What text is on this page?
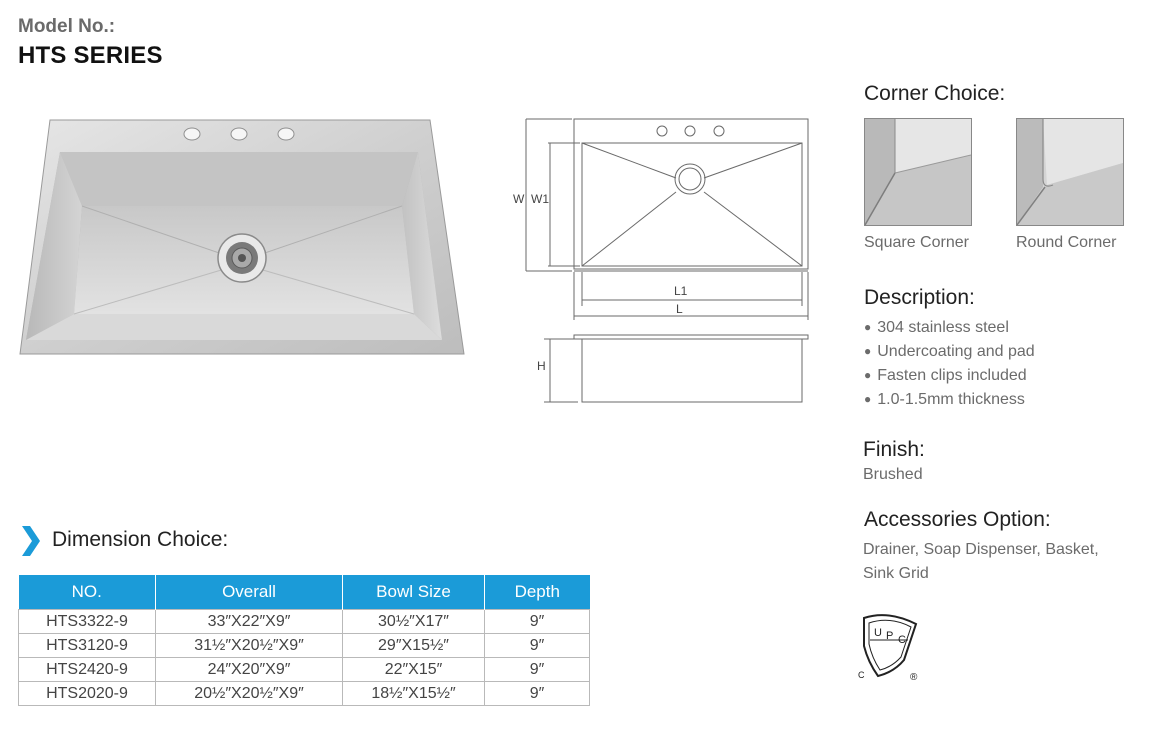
Model No.:
HTS SERIES
W W1
L1
L
H
Corner Choice:
Square Corner	Round Corner
Description:
● 304 stainless steel
● Undercoating and pad
● Fasten clips included
● 1.0-1.5mm thickness
Finish:
Brushed
Accessories Option:
Drainer, Soap Dispenser, Basket, Sink Grid
U P C
C	®
Dimension Choice:
NO.	Overall	Bowl Size	Depth
HTS3322-9	33″X22″X9″	30½″X17″	9″
HTS3120-9	31½″X20½″X9″	29″X15½″	9″
HTS2420-9	24″X20″X9″	22″X15″	9″
HTS2020-9	20½″X20½″X9″	18½″X15½″	9″
